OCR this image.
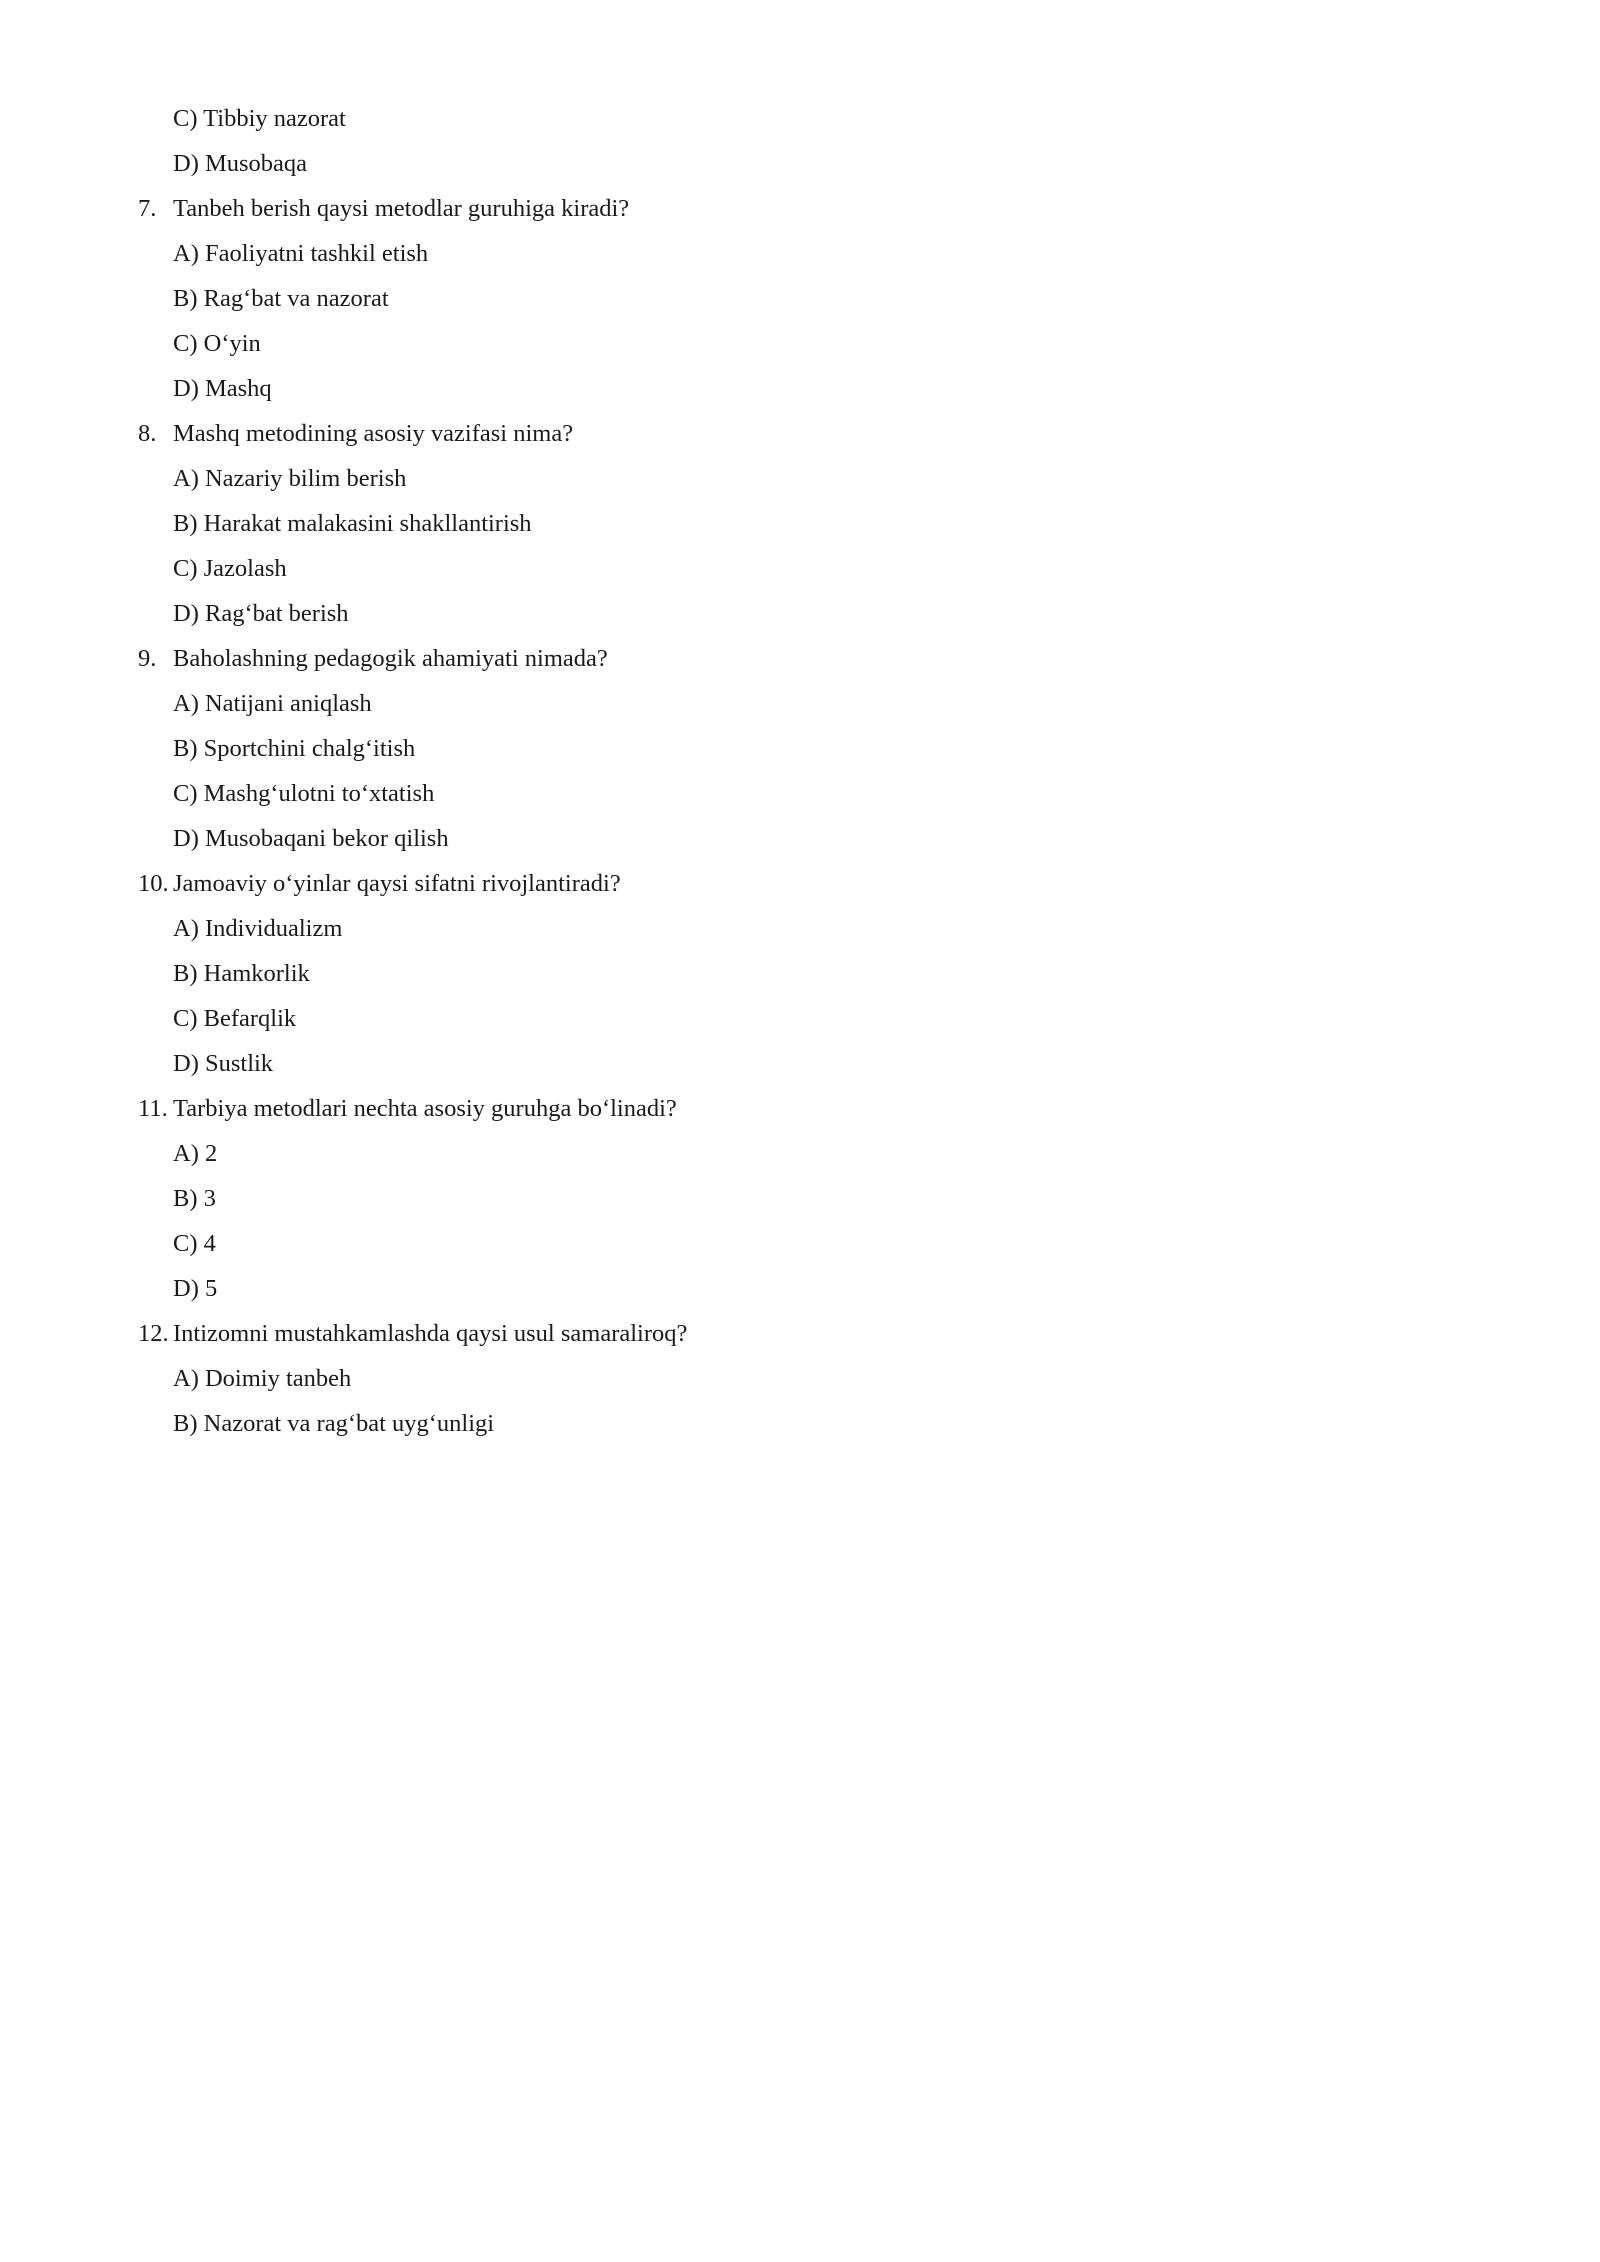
C) Tibbiy nazorat
D) Musobaqa
7. Tanbeh berish qaysi metodlar guruhiga kiradi?
A) Faoliyatni tashkil etish
B) Rag‘bat va nazorat
C) O‘yin
D) Mashq
8. Mashq metodining asosiy vazifasi nima?
A) Nazariy bilim berish
B) Harakat malakasini shakllantirish
C) Jazolash
D) Rag‘bat berish
9. Baholashning pedagogik ahamiyati nimada?
A) Natijani aniqlash
B) Sportchini chalg‘itish
C) Mashg‘ulotni to‘xtatish
D) Musobaqani bekor qilish
10. Jamoaviy o‘yinlar qaysi sifatni rivojlantiradi?
A) Individualizm
B) Hamkorlik
C) Befarqlik
D) Sustlik
11. Tarbiya metodlari nechta asosiy guruhga bo‘linadi?
A) 2
B) 3
C) 4
D) 5
12. Intizomni mustahkamlashda qaysi usul samaraliroq?
A) Doimiy tanbeh
B) Nazorat va rag‘bat uyg‘unligi
